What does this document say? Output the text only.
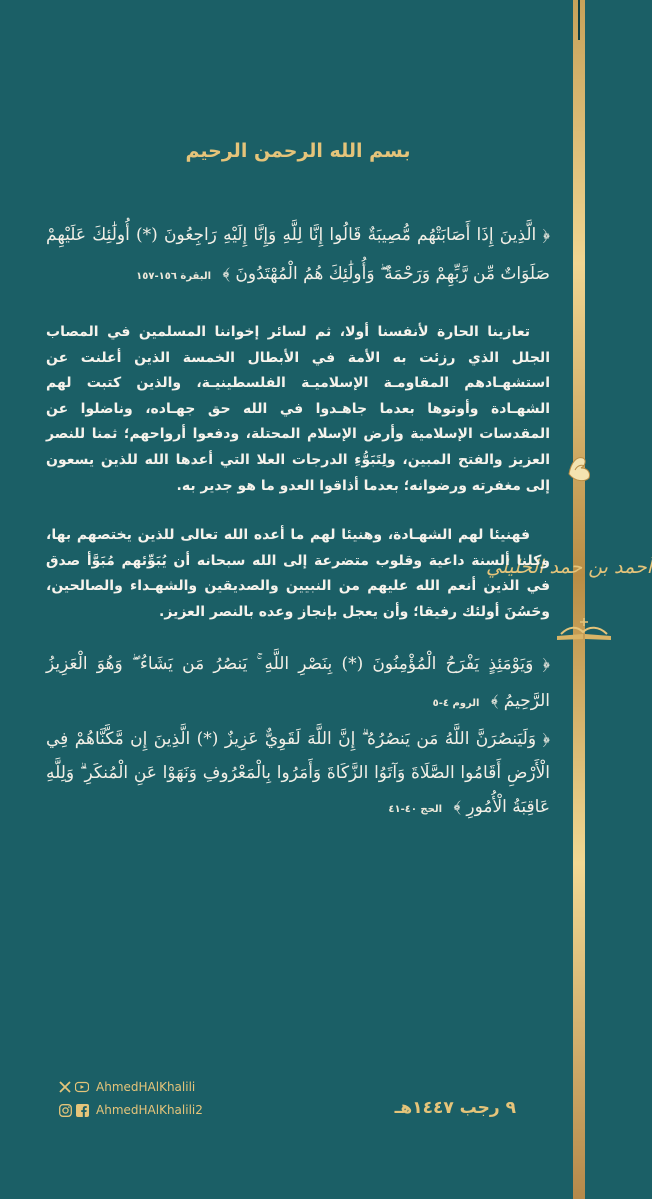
أحمد بن حمد الخليلي
بسم الله الرحمن الرحيم

﴿ الَّذِينَ إِذَا أَصَابَتْهُم مُّصِيبَةٌ قَالُوا إِنَّا لِلَّهِ وَإِنَّا إِلَيْهِ رَاجِعُونَ (*) أُولَٰئِكَ عَلَيْهِمْ صَلَوَاتٌ مِّن رَّبِّهِمْ وَرَحْمَةٌ ۖ وَأُولَٰئِكَ هُمُ الْمُهْتَدُونَ ﴾ البقرة ١٥٦-١٥٧

تعازينا الحارة لأنفسنا أولا، ثم لسائر إخواننا المسلمين في المصاب الجلل الذي رزئت به الأمة في الأبطال الخمسة الذين أعلنت عن استشهـادهم المقاومـة الإسلاميـة الفلسطينيـة، والذين كتبت لهم الشهـادة وأوتوها بعدما جاهـدوا في الله حق جهـاده، وناضلوا عن المقدسات الإسلامية وأرض الإسلام المحتلة، ودفعوا أرواحهم؛ ثمنا للنصر العزيز والفتح المبين، ولِتَبَوُّءِ الدرجات العلا التي أعدها الله للذين يسعون إلى مغفرته ورضوانه؛ بعدما أذاقوا العدو ما هو جدير به.

فهنيئا لهم الشهـادة، وهنيئا لهم ما أعده الله تعالى للذين يختصهم بها، وكلنا ألسنة داعية وقلوب متضرعة إلى الله سبحانه أن يُبَوِّئهم مُبَوَّأ صدق في الذين أنعم الله عليهم من النبيين والصديقين والشهـداء والصالحين، وحَسُنَ أولئك رفيقا؛ وأن يعجل بإنجاز وعده بالنصر العزيز.

﴿ وَيَوْمَئِذٍ يَفْرَحُ الْمُؤْمِنُونَ (*) بِنَصْرِ اللَّهِ ۚ يَنصُرُ مَن يَشَاءُ ۖ وَهُوَ الْعَزِيزُ الرَّحِيمُ ﴾ الروم ٤-٥

﴿ وَلَيَنصُرَنَّ اللَّهُ مَن يَنصُرُهُ ۗ إِنَّ اللَّهَ لَقَوِيٌّ عَزِيزٌ (*) الَّذِينَ إِن مَّكَّنَّاهُمْ فِي الْأَرْضِ أَقَامُوا الصَّلَاةَ وَآتَوُا الزَّكَاةَ وَأَمَرُوا بِالْمَعْرُوفِ وَنَهَوْا عَنِ الْمُنكَرِ ۗ وَلِلَّهِ عَاقِبَةُ الْأُمُورِ ﴾ الحج ٤٠-٤١

AhmedHAlKhalili
AhmedHAlKhalili2	٩ رجب ١٤٤٧هـ
